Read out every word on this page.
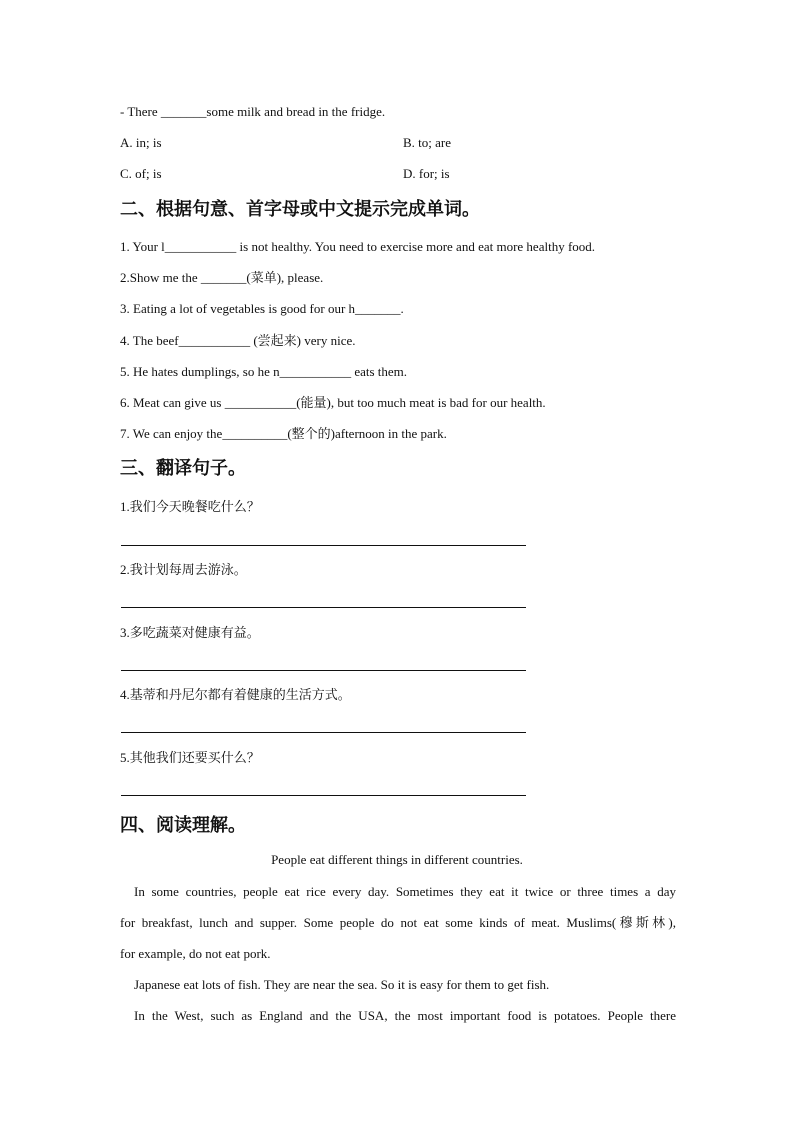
- There _______some milk and bread in the fridge.
A. in; is	B. to; are
C. of; is	D. for; is
二、根据句意、首字母或中文提示完成单词。
1. Your l___________ is not healthy. You need to exercise more and eat more healthy food.
2.Show me the _______(菜单), please.
3. Eating a lot of vegetables is good for our h_______.
4. The beef___________ (尝起来) very nice.
5. He hates dumplings, so he n___________ eats them.
6. Meat can give us ___________(能量), but too much meat is bad for our health.
7. We can enjoy the__________(整个的)afternoon in the park.
三、翻译句子。
1.我们今天晚餐吃什么？
2.我计划每周去游泳。
3.多吃蔬菜对健康有益。
4.基蒂和丹尼尔都有着健康的生活方式。
5.其他我们还要买什么？
四、阅读理解。
People eat different things in different countries.
In some countries, people eat rice every day. Sometimes they eat it twice or three times a day
for breakfast, lunch and supper. Some people do not eat some kinds of meat. Muslims(穆斯林),
for example, do not eat pork.
Japanese eat lots of fish. They are near the sea. So it is easy for them to get fish.
In the West, such as England and the USA, the most important food is potatoes. People there
